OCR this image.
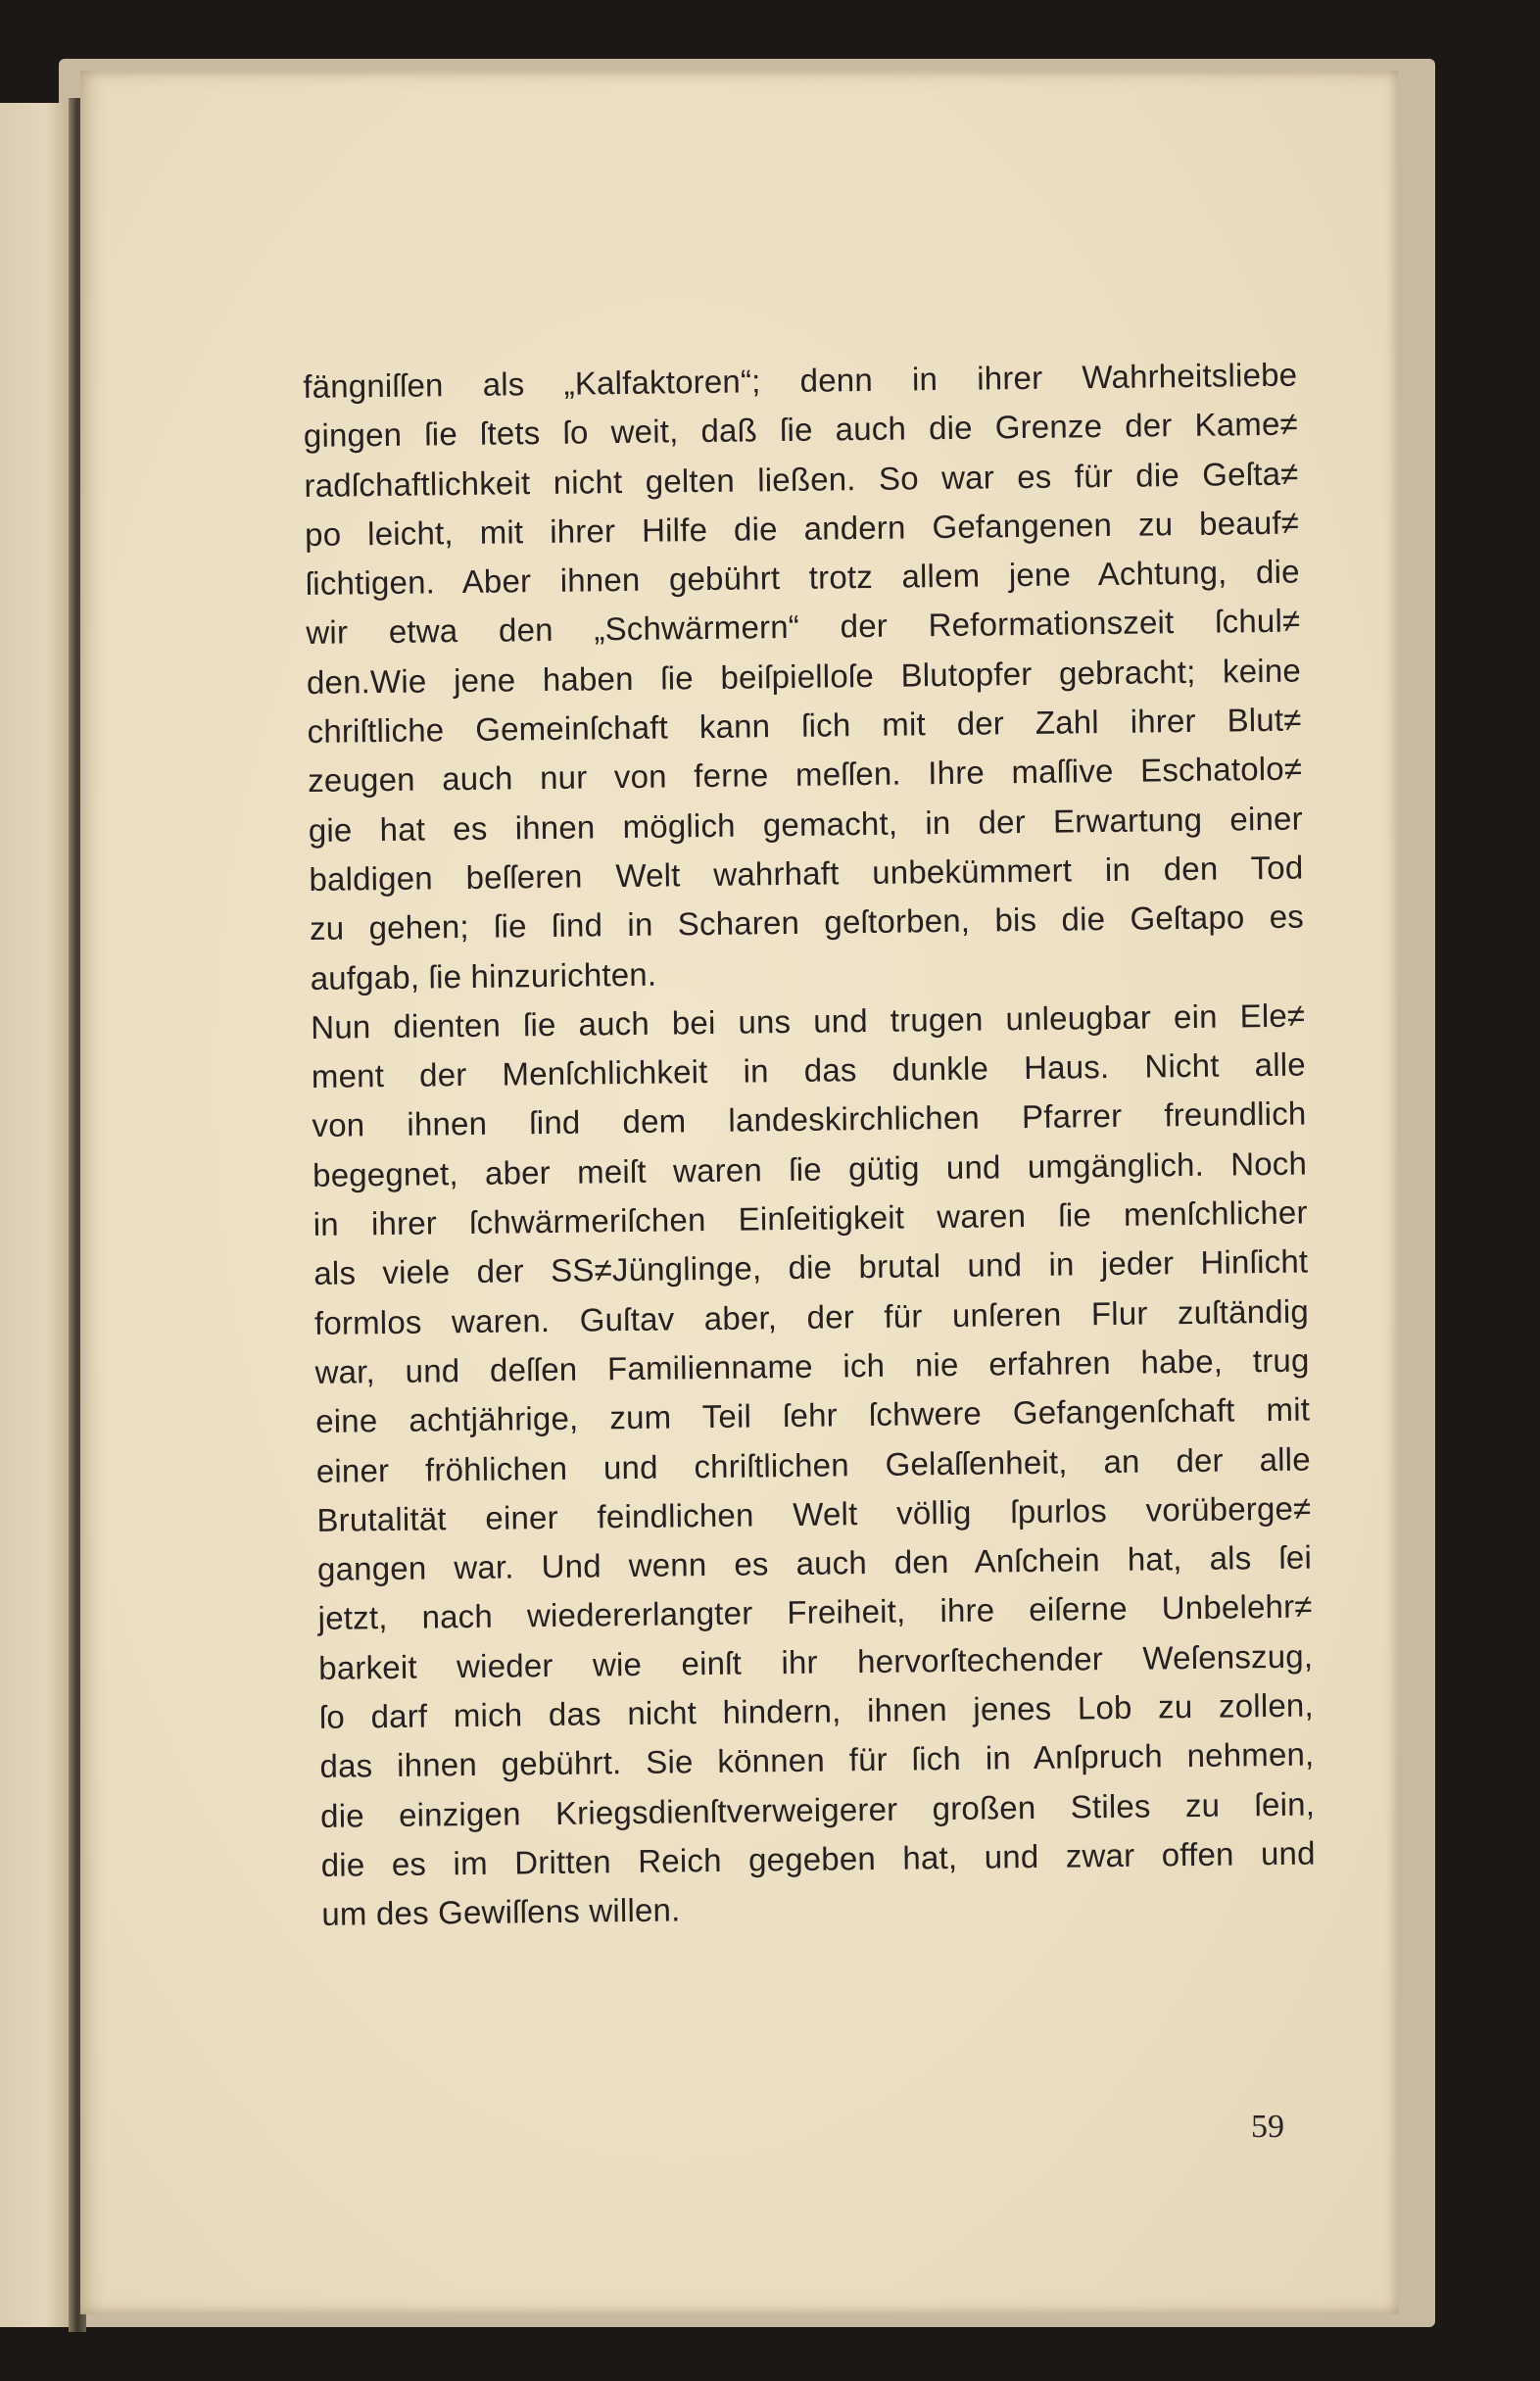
fängniſſen als „Kalfaktoren“; denn in ihrer Wahrheitsliebe
gingen ſie ſtets ſo weit, daß ſie auch die Grenze der Kame≠
radſchaftlichkeit nicht gelten ließen. So war es für die Geſta≠
po leicht, mit ihrer Hilfe die andern Gefangenen zu beauf≠
ſichtigen. Aber ihnen gebührt trotz allem jene Achtung, die
wir etwa den „Schwärmern“ der Reformationszeit ſchul≠
den.Wie jene haben ſie beiſpielloſe Blutopfer gebracht; keine
chriſtliche Gemeinſchaft kann ſich mit der Zahl ihrer Blut≠
zeugen auch nur von ferne meſſen. Ihre maſſive Eschatolo≠
gie hat es ihnen möglich gemacht, in der Erwartung einer
baldigen beſſeren Welt wahrhaft unbekümmert in den Tod
zu gehen; ſie ſind in Scharen geſtorben, bis die Geſtapo es
aufgab, ſie hinzurichten.
Nun dienten ſie auch bei uns und trugen unleugbar ein Ele≠
ment der Menſchlichkeit in das dunkle Haus. Nicht alle
von ihnen ſind dem landeskirchlichen Pfarrer freundlich
begegnet, aber meiſt waren ſie gütig und umgänglich. Noch
in ihrer ſchwärmeriſchen Einſeitigkeit waren ſie menſchlicher
als viele der SS≠Jünglinge, die brutal und in jeder Hinſicht
formlos waren. Guſtav aber, der für unſeren Flur zuſtändig
war, und deſſen Familienname ich nie erfahren habe, trug
eine achtjährige, zum Teil ſehr ſchwere Gefangenſchaft mit
einer fröhlichen und chriſtlichen Gelaſſenheit, an der alle
Brutalität einer feindlichen Welt völlig ſpurlos vorüberge≠
gangen war. Und wenn es auch den Anſchein hat, als ſei
jetzt, nach wiedererlangter Freiheit, ihre eiſerne Unbelehr≠
barkeit wieder wie einſt ihr hervorſtechender Weſenszug,
ſo darf mich das nicht hindern, ihnen jenes Lob zu zollen,
das ihnen gebührt. Sie können für ſich in Anſpruch nehmen,
die einzigen Kriegsdienſtverweigerer großen Stiles zu ſein,
die es im Dritten Reich gegeben hat, und zwar offen und
um des Gewiſſens willen.
59
